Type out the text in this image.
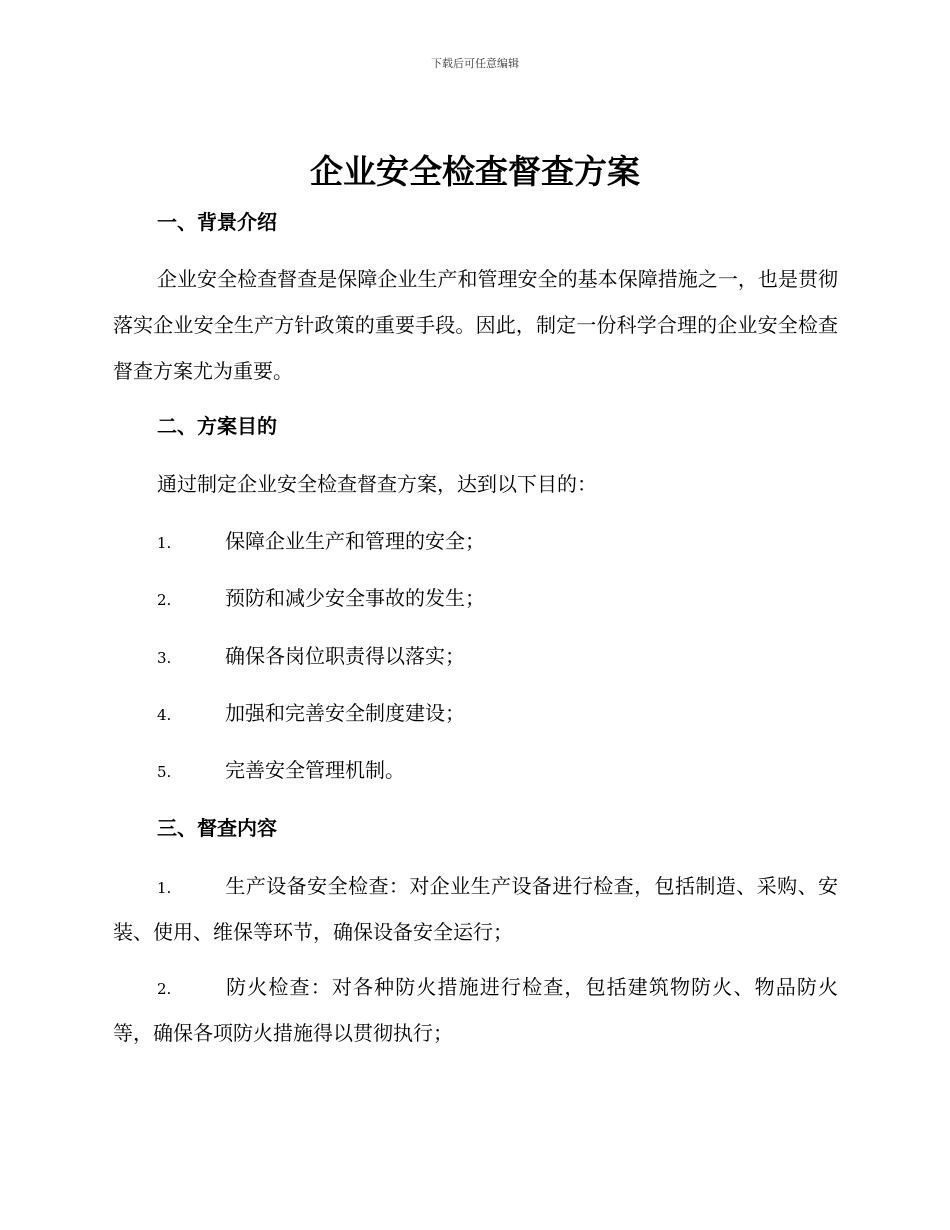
下载后可任意编辑
企业安全检查督查方案
一、背景介绍
企业安全检查督查是保障企业生产和管理安全的基本保障措施之一，也是贯彻落实企业安全生产方针政策的重要手段。因此，制定一份科学合理的企业安全检查督查方案尤为重要。
二、方案目的
通过制定企业安全检查督查方案，达到以下目的：
1.	保障企业生产和管理的安全；
2.	预防和减少安全事故的发生；
3.	确保各岗位职责得以落实；
4.	加强和完善安全制度建设；
5.	完善安全管理机制。
三、督查内容
1.	生产设备安全检查：对企业生产设备进行检查，包括制造、采购、安装、使用、维保等环节，确保设备安全运行；
2.	防火检查：对各种防火措施进行检查，包括建筑物防火、物品防火等，确保各项防火措施得以贯彻执行；
